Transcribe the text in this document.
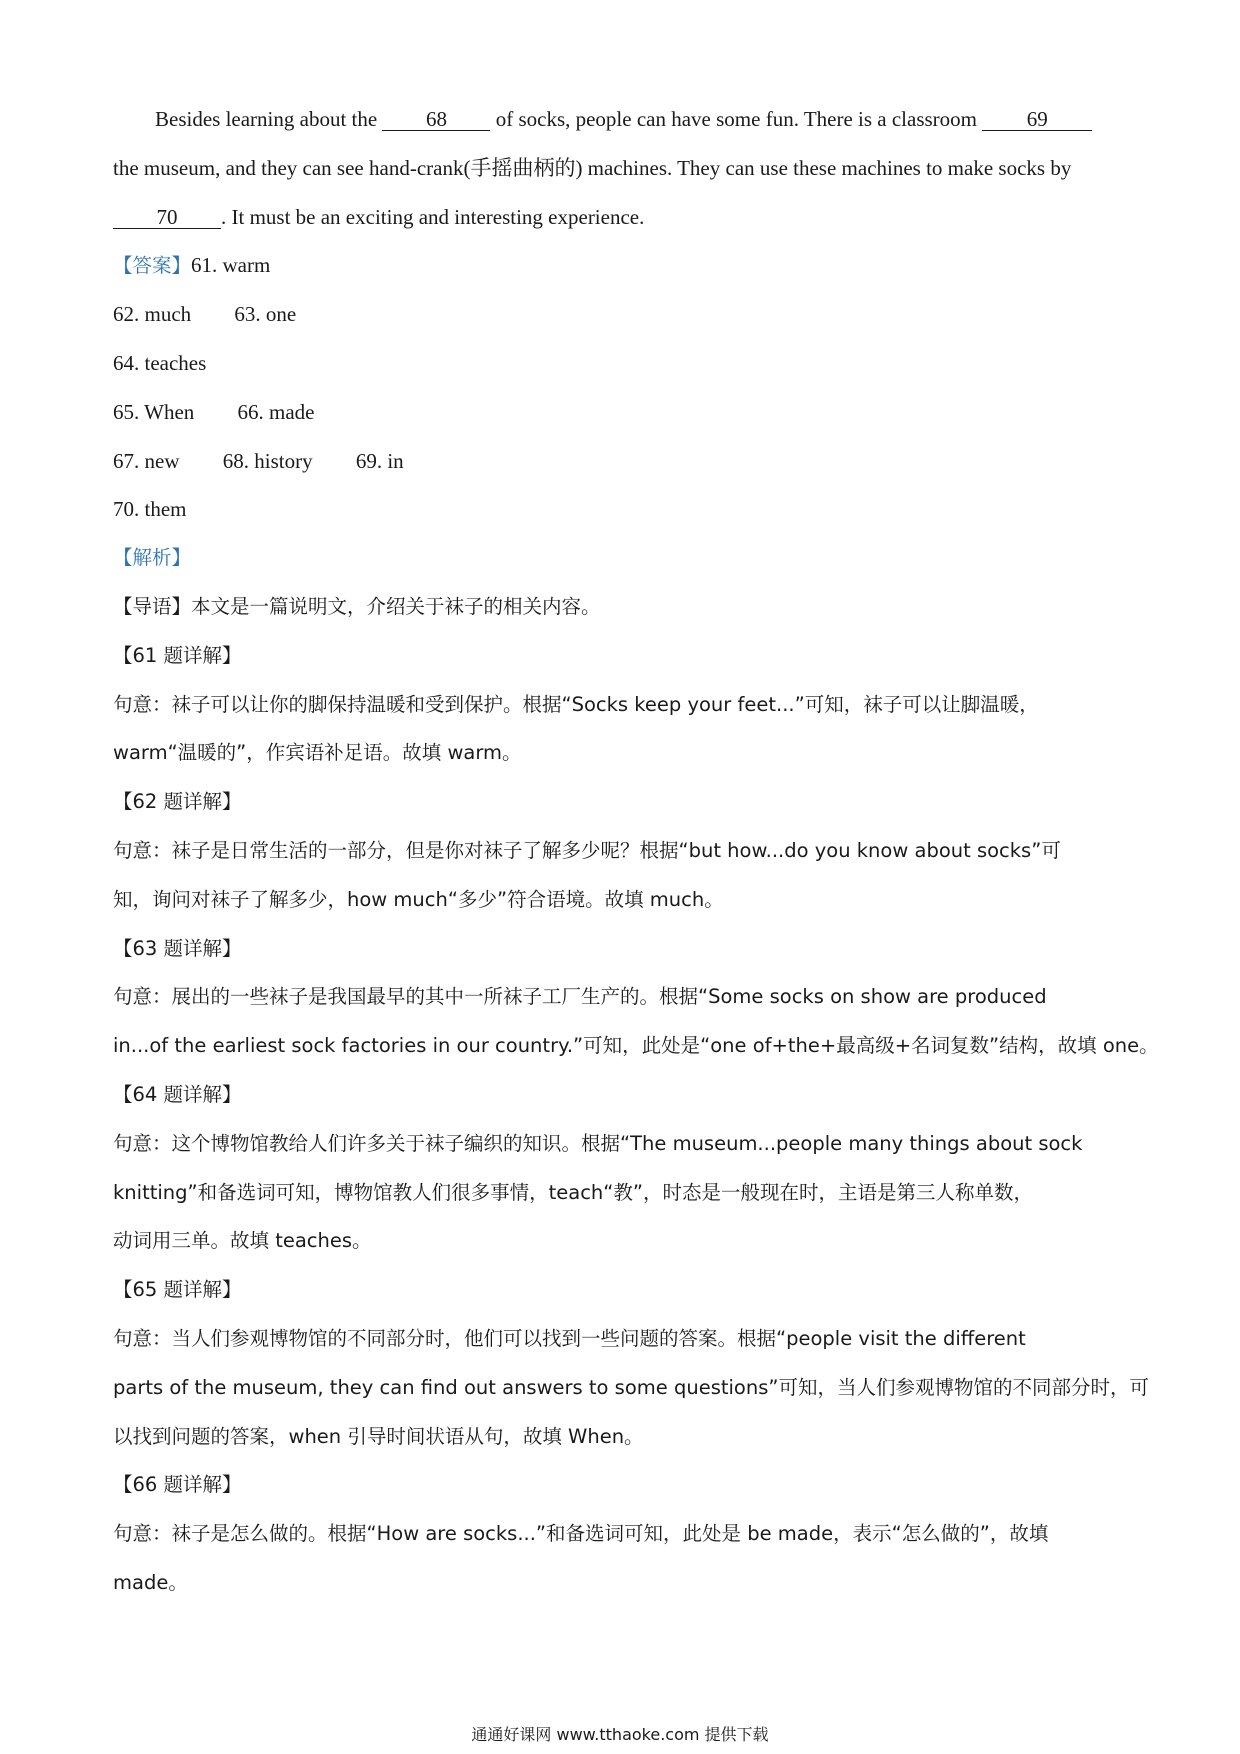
Besides learning about the 68 of socks, people can have some fun. There is a classroom 69

the museum, and they can see hand-crank(手摇曲柄的) machines. They can use these machines to make socks by

70 . It must be an exciting and interesting experience.

【答案】61. warm

62. much 63. one

64. teaches

65. When 66. made

67. new 68. history 69. in

70. them

【解析】

【导语】本文是一篇说明文，介绍关于袜子的相关内容。

【61 题详解】

句意：袜子可以让你的脚保持温暖和受到保护。根据“Socks keep your feet...”可知，袜子可以让脚温暖，

warm“温暖的”，作宾语补足语。故填 warm。

【62 题详解】

句意：袜子是日常生活的一部分，但是你对袜子了解多少呢？根据“but how...do you know about socks”可

知，询问对袜子了解多少，how much“多少”符合语境。故填 much。

【63 题详解】

句意：展出的一些袜子是我国最早的其中一所袜子工厂生产的。根据“Some socks on show are produced

in...of the earliest sock factories in our country.”可知，此处是“one of+the+最高级+名词复数”结构，故填 one。

【64 题详解】

句意：这个博物馆教给人们许多关于袜子编织的知识。根据“The museum...people many things about sock

knitting”和备选词可知，博物馆教人们很多事情，teach“教”，时态是一般现在时，主语是第三人称单数，

动词用三单。故填 teaches。

【65 题详解】

句意：当人们参观博物馆的不同部分时，他们可以找到一些问题的答案。根据“people visit the different

parts of the museum, they can find out answers to some questions”可知，当人们参观博物馆的不同部分时，可

以找到问题的答案，when 引导时间状语从句，故填 When。

【66 题详解】

句意：袜子是怎么做的。根据“How are socks...”和备选词可知，此处是 be made，表示“怎么做的”，故填

made。

通通好课网 www.tthaoke.com 提供下载
